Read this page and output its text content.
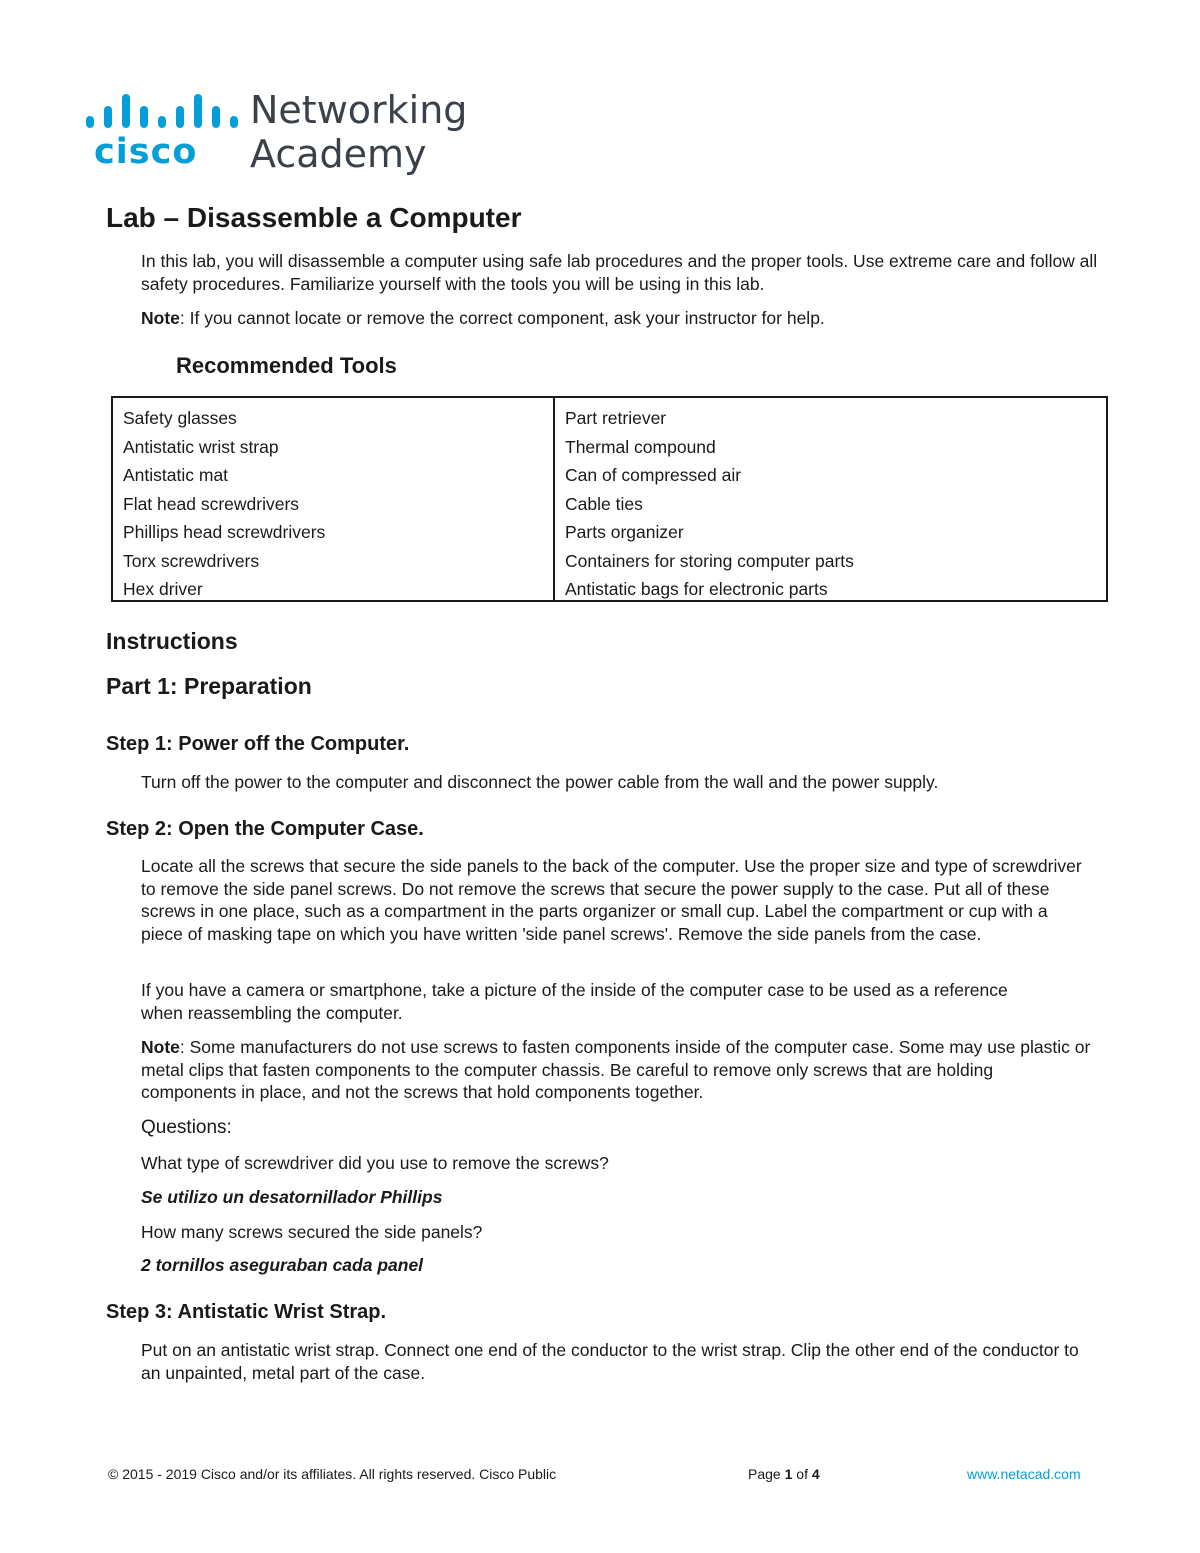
cisco
Networking
Academy
Lab – Disassemble a Computer
In this lab, you will disassemble a computer using safe lab procedures and the proper tools. Use extreme care and follow all safety procedures. Familiarize yourself with the tools you will be using in this lab.
Note: If you cannot locate or remove the correct component, ask your instructor for help.
Recommended Tools
Safety glasses
Antistatic wrist strap
Antistatic mat
Flat head screwdrivers
Phillips head screwdrivers
Torx screwdrivers
Hex driver
Part retriever
Thermal compound
Can of compressed air
Cable ties
Parts organizer
Containers for storing computer parts
Antistatic bags for electronic parts
Instructions
Part 1: Preparation
Step 1: Power off the Computer.
Turn off the power to the computer and disconnect the power cable from the wall and the power supply.
Step 2: Open the Computer Case.
Locate all the screws that secure the side panels to the back of the computer. Use the proper size and type of screwdriver to remove the side panel screws. Do not remove the screws that secure the power supply to the case. Put all of these screws in one place, such as a compartment in the parts organizer or small cup. Label the compartment or cup with a piece of masking tape on which you have written 'side panel screws'. Remove the side panels from the case.
If you have a camera or smartphone, take a picture of the inside of the computer case to be used as a reference when reassembling the computer.
Note: Some manufacturers do not use screws to fasten components inside of the computer case. Some may use plastic or metal clips that fasten components to the computer chassis. Be careful to remove only screws that are holding components in place, and not the screws that hold components together.
Questions:
What type of screwdriver did you use to remove the screws?
Se utilizo un desatornillador Phillips
How many screws secured the side panels?
2 tornillos aseguraban cada panel
Step 3: Antistatic Wrist Strap.
Put on an antistatic wrist strap. Connect one end of the conductor to the wrist strap. Clip the other end of the conductor to an unpainted, metal part of the case.
© 2015 - 2019 Cisco and/or its affiliates. All rights reserved. Cisco Public	Page 1 of 4	www.netacad.com
